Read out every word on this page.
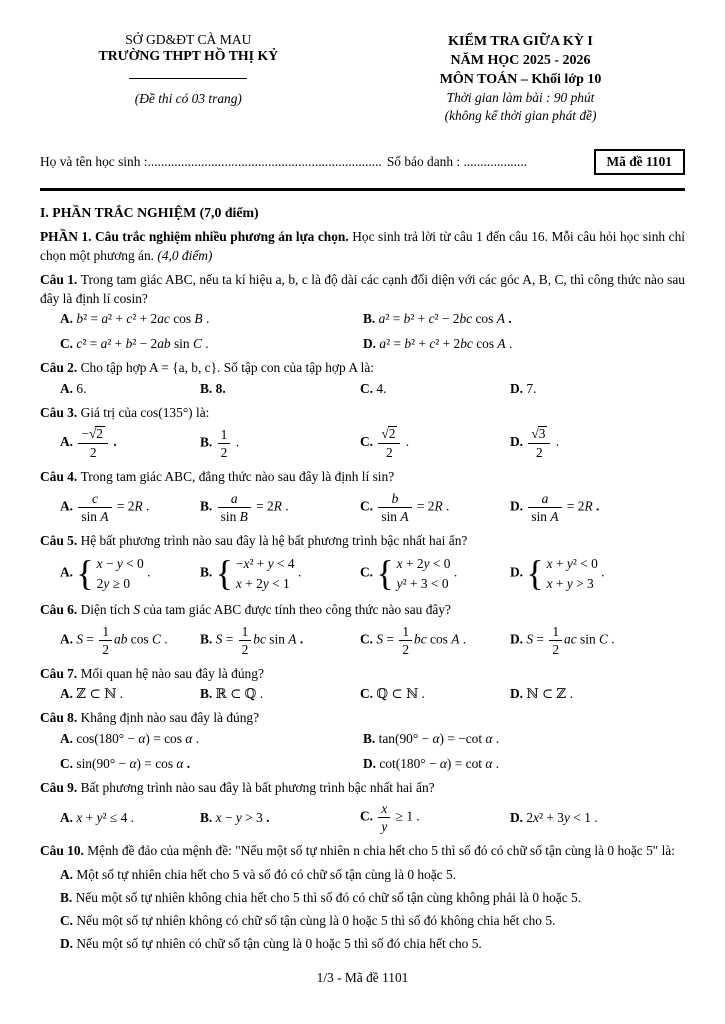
SỞ GD&ĐT CÀ MAU
TRƯỜNG THPT HỒ THỊ KỶ
(Đề thi có 03 trang)
KIỂM TRA GIỮA KỲ I
NĂM HỌC 2025 - 2026
MÔN TOÁN – Khối lớp 10
Thời gian làm bài : 90 phút
(không kể thời gian phát đề)
Họ và tên học sinh :...................................................................... Số báo danh : ...................	Mã đề 1101
I. PHẦN TRẮC NGHIỆM (7,0 điểm)
PHẦN 1. Câu trắc nghiệm nhiều phương án lựa chọn. Học sinh trả lời từ câu 1 đến câu 16. Mỗi câu hỏi học sinh chỉ chọn một phương án. (4,0 điểm)
Câu 1. Trong tam giác ABC, nếu ta kí hiệu a, b, c là độ dài các cạnh đối diện với các góc A, B, C, thì công thức nào sau đây là định lí cosin?
A. b² = a² + c² + 2ac cos B .	B. a² = b² + c² − 2bc cos A .
C. c² = a² + b² − 2ab sin C .	D. a² = b² + c² + 2bc cos A .
Câu 2. Cho tập hợp A = {a, b, c}. Số tập con của tập hợp A là:
A. 6.	B. 8.	C. 4.	D. 7.
Câu 3. Giá trị của cos(135°) là:
A. $\frac{-√2}{2}$ .	B. $\frac{1}{2}$ .	C. $\frac{√2}{2}$ .	D. $\frac{√3}{2}$ .
Câu 4. Trong tam giác ABC, đẳng thức nào sau đây là định lí sin?
A. $\frac{c}{\text{sin A}} = 2R$ .	B. $\frac{a}{\text{sin B}} = 2R$ .	C. $\frac{b}{\text{sin A}} = 2R$ .	D. $\frac{a}{\text{sin A}} = 2R$ .
Câu 5. Hệ bất phương trình nào sau đây là hệ bất phương trình bậc nhất hai ẩn?
A. { x − y < 0
2y ≥ 0
.	B. { −x² + y < 4
x + 2y < 1
.	C. { x + 2y < 0
y² + 3 < 0
.	D. { x + y² < 0
x + y > 3
.
Câu 6. Diện tích S của tam giác ABC được tính theo công thức nào sau đây?
A. $S = \frac{1}{2}$ ab cos C .	B. $S = \frac{1}{2}$ bc sin A .	C. $S = \frac{1}{2}$ bc cos A .	D. $S = \frac{1}{2}$ ac sin C .
Câu 7. Mối quan hệ nào sau đây là đúng?
A. ℤ ⊂ ℕ .	B. ℝ ⊂ ℚ .	C. ℚ ⊂ ℕ .	D. ℕ ⊂ ℤ .
Câu 8. Khẳng định nào sau đây là đúng?
A. cos(180° − α) = cos α .	B. tan(90° − α) = −cot α .
C. sin(90° − α) = cos α .	D. cot(180° − α) = cot α .
Câu 9. Bất phương trình nào sau đây là bất phương trình bậc nhất hai ẩn?
A. x + y² ≤ 4 .	B. x − y > 3 .	C. $\frac{x}{y} \ge 1$ .	D. 2x² + 3y < 1 .
Câu 10. Mệnh đề đảo của mệnh đề: "Nếu một số tự nhiên n chia hết cho 5 thì số đó có chữ số tận cùng là 0 hoặc 5" là:
A. Một số tự nhiên chia hết cho 5 và số đó có chữ số tận cùng là 0 hoặc 5.
B. Nếu một số tự nhiên không chia hết cho 5 thì số đó có chữ số tận cùng không phải là 0 hoặc 5.
C. Nếu một số tự nhiên không có chữ số tận cùng là 0 hoặc 5 thì số đó không chia hết cho 5.
D. Nếu một số tự nhiên có chữ số tận cùng là 0 hoặc 5 thì số đó chia hết cho 5.
1/3 - Mã đề 1101
